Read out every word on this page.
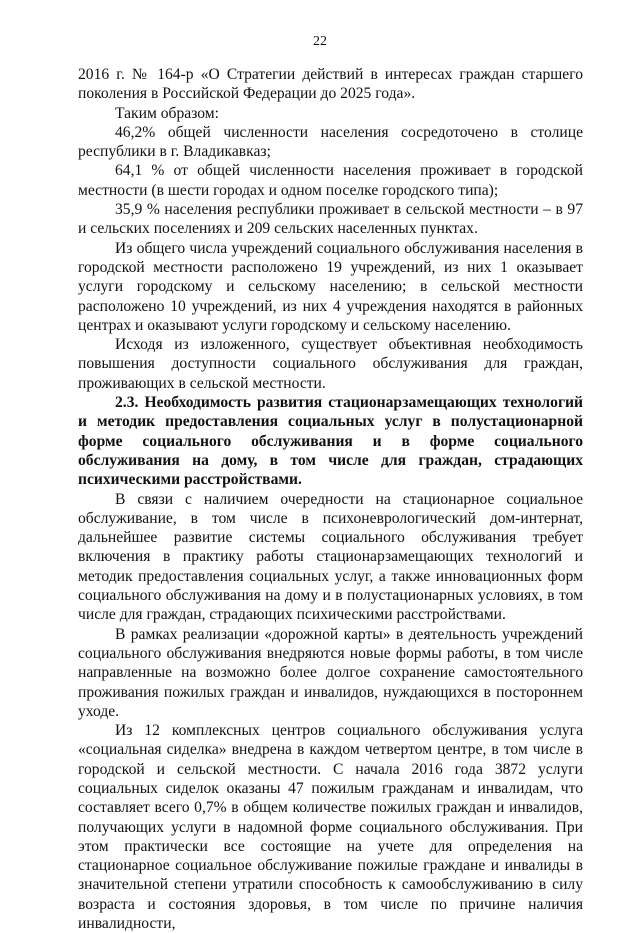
22

2016 г. № 164-р «О Стратегии действий в интересах граждан старшего поколения в Российской Федерации до 2025 года».

Таким образом:

46,2% общей численности населения сосредоточено в столице республики в г. Владикавказ;

64,1 % от общей численности населения проживает в городской местности (в шести городах и одном поселке городского типа);

35,9 % населения республики проживает в сельской местности – в 97 и сельских поселениях и 209 сельских населенных пунктах.

Из общего числа учреждений социального обслуживания населения в городской местности расположено 19 учреждений, из них 1 оказывает услуги городскому и сельскому населению; в сельской местности расположено 10 учреждений, из них 4 учреждения находятся в районных центрах и оказывают услуги городскому и сельскому населению.

Исходя из изложенного, существует объективная необходимость повышения доступности социального обслуживания для граждан, проживающих в сельской местности.

2.3. Необходимость развития стационарзамещающих технологий и методик предоставления социальных услуг в полустационарной форме социального обслуживания и в форме социального обслуживания на дому, в том числе для граждан, страдающих психическими расстройствами.

В связи с наличием очередности на стационарное социальное обслуживание, в том числе в психоневрологический дом-интернат, дальнейшее развитие системы социального обслуживания требует включения в практику работы стационарзамещающих технологий и методик предоставления социальных услуг, а также инновационных форм социального обслуживания на дому и в полустационарных условиях, в том числе для граждан, страдающих психическими расстройствами.

В рамках реализации «дорожной карты» в деятельность учреждений социального обслуживания внедряются новые формы работы, в том числе направленные на возможно более долгое сохранение самостоятельного проживания пожилых граждан и инвалидов, нуждающихся в постороннем уходе.

Из 12 комплексных центров социального обслуживания услуга «социальная сиделка» внедрена в каждом четвертом центре, в том числе в городской и сельской местности. С начала 2016 года 3872 услуги социальных сиделок оказаны 47 пожилым гражданам и инвалидам, что составляет всего 0,7% в общем количестве пожилых граждан и инвалидов, получающих услуги в надомной форме социального обслуживания. При этом практически все состоящие на учете для определения на стационарное социальное обслуживание пожилые граждане и инвалиды в значительной степени утратили способность к самообслуживанию в силу возраста и состояния здоровья, в том числе по причине наличия инвалидности,
